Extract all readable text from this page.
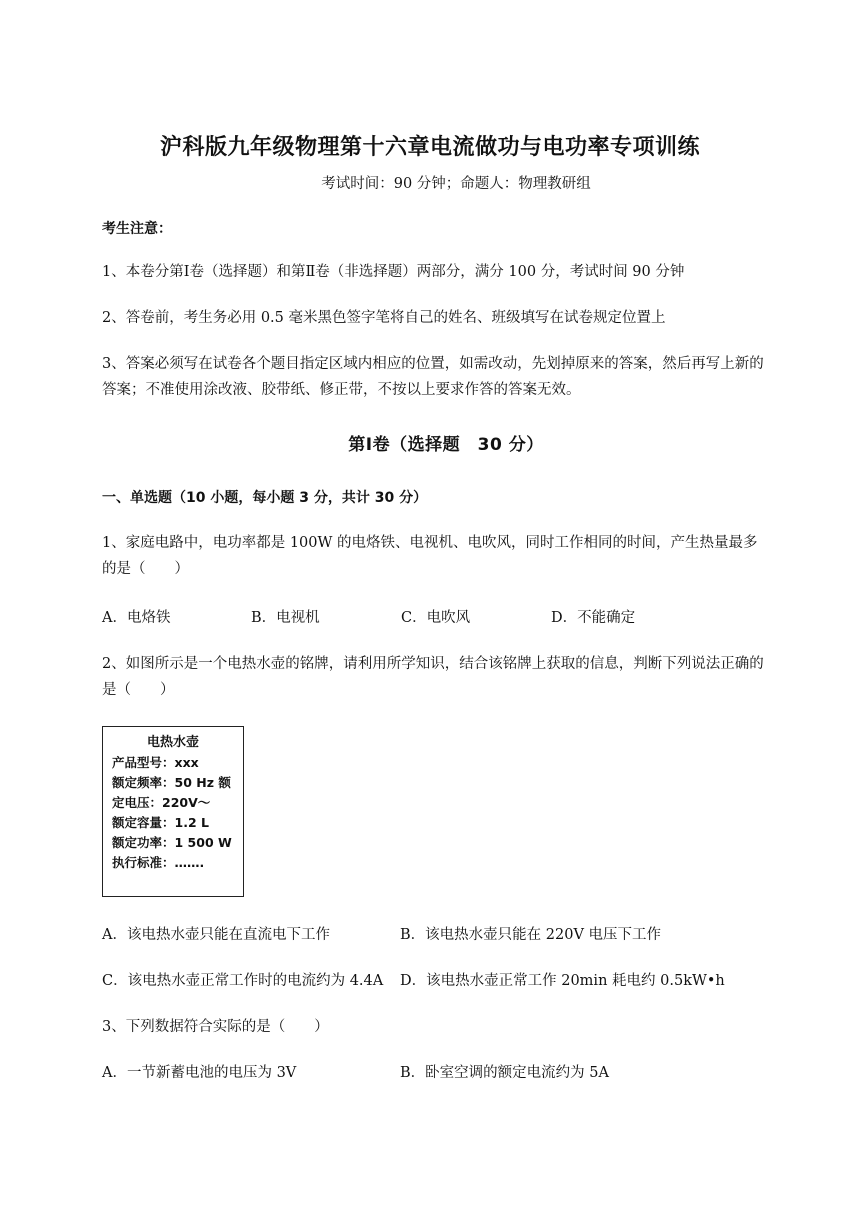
沪科版九年级物理第十六章电流做功与电功率专项训练
考试时间：90 分钟；命题人：物理教研组
考生注意：
1、本卷分第Ⅰ卷（选择题）和第Ⅱ卷（非选择题）两部分，满分 100 分，考试时间 90 分钟
2、答卷前，考生务必用 0.5 毫米黑色签字笔将自己的姓名、班级填写在试卷规定位置上
3、答案必须写在试卷各个题目指定区域内相应的位置，如需改动，先划掉原来的答案，然后再写上新的答案；不准使用涂改液、胶带纸、修正带，不按以上要求作答的答案无效。
第Ⅰ卷（选择题　30 分）
一、单选题（10 小题，每小题 3 分，共计 30 分）
1、家庭电路中，电功率都是 100W 的电烙铁、电视机、电吹风，同时工作相同的时间，产生热量最多的是（　　）
A．电烙铁	B．电视机	C．电吹风	D．不能确定
2、如图所示是一个电热水壶的铭牌，请利用所学知识，结合该铭牌上获取的信息，判断下列说法正确的是（　　）
电热水壶
产品型号：xxx
额定频率：50 Hz 额
定电压：220V～
额定容量：1.2 L
额定功率：1 500 W
执行标准：…….
A．该电热水壶只能在直流电下工作	B．该电热水壶只能在 220V 电压下工作
C．该电热水壶正常工作时的电流约为 4.4A D．该电热水壶正常工作 20min 耗电约 0.5kW•h
3、下列数据符合实际的是（　　）
A．一节新蓄电池的电压为 3V	B．卧室空调的额定电流约为 5A
